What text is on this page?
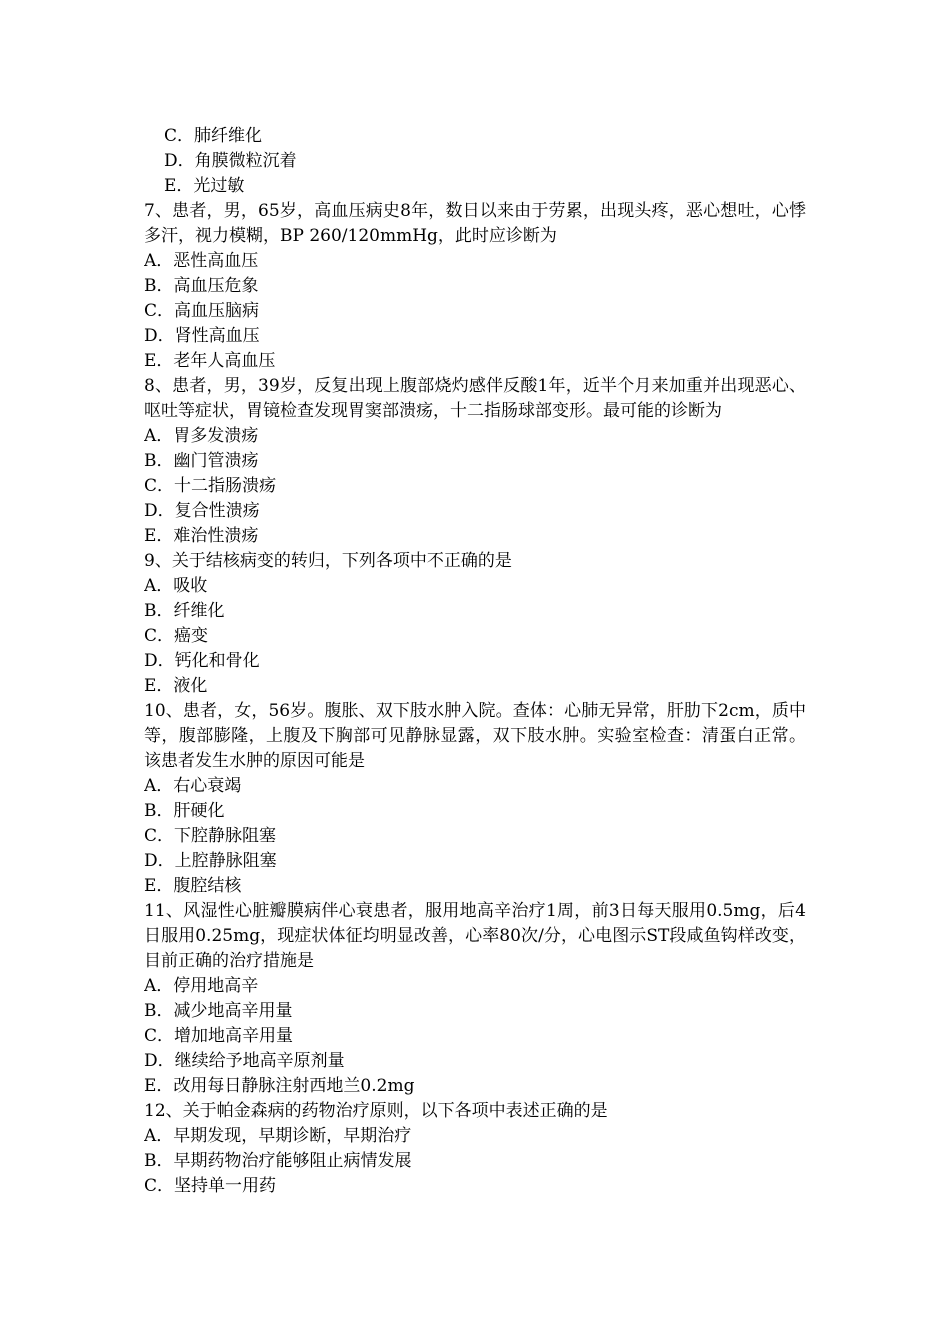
C．肺纤维化
D．角膜微粒沉着
E．光过敏
7、患者，男，65岁，高血压病史8年，数日以来由于劳累，出现头疼，恶心想吐，心悸多汗，视力模糊，BP 260/120mmHg，此时应诊断为
A．恶性高血压
B．高血压危象
C．高血压脑病
D．肾性高血压
E．老年人高血压
8、患者，男，39岁，反复出现上腹部烧灼感伴反酸1年，近半个月来加重并出现恶心、呕吐等症状，胃镜检查发现胃窦部溃疡，十二指肠球部变形。最可能的诊断为
A．胃多发溃疡
B．幽门管溃疡
C．十二指肠溃疡
D．复合性溃疡
E．难治性溃疡
9、关于结核病变的转归，下列各项中不正确的是
A．吸收
B．纤维化
C．癌变
D．钙化和骨化
E．液化
10、患者，女，56岁。腹胀、双下肢水肿入院。查体：心肺无异常，肝肋下2cm，质中等，腹部膨隆，上腹及下胸部可见静脉显露，双下肢水肿。实验室检查：清蛋白正常。该患者发生水肿的原因可能是
A．右心衰竭
B．肝硬化
C．下腔静脉阻塞
D．上腔静脉阻塞
E．腹腔结核
11、风湿性心脏瓣膜病伴心衰患者，服用地高辛治疗1周，前3日每天服用0.5mg，后4日服用0.25mg，现症状体征均明显改善，心率80次/分，心电图示ST段咸鱼钩样改变，目前正确的治疗措施是
A．停用地高辛
B．减少地高辛用量
C．增加地高辛用量
D．继续给予地高辛原剂量
E．改用每日静脉注射西地兰0.2mg
12、关于帕金森病的药物治疗原则，以下各项中表述正确的是
A．早期发现，早期诊断，早期治疗
B．早期药物治疗能够阻止病情发展
C．坚持单一用药
